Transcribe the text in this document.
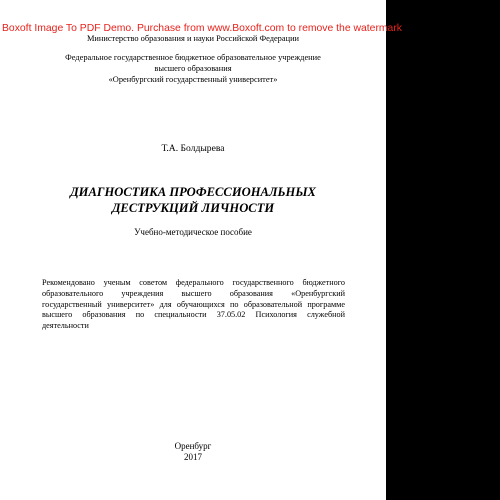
Boxoft Image To PDF Demo. Purchase from www.Boxoft.com to remove the watermark
Министерство образования и науки Российской Федерации
Федеральное государственное бюджетное образовательное учреждение
высшего образования
«Оренбургский государственный университет»
Т.А. Болдырева
ДИАГНОСТИКА ПРОФЕССИОНАЛЬНЫХ
ДЕСТРУКЦИЙ ЛИЧНОСТИ
Учебно-методическое пособие
Рекомендовано ученым советом федерального государственного бюджетного
образовательного учреждения высшего образования «Оренбургский
государственный университет» для обучающихся по образовательной программе
высшего образования по специальности 37.05.02 Психология служебной
деятельности
Оренбург
2017
